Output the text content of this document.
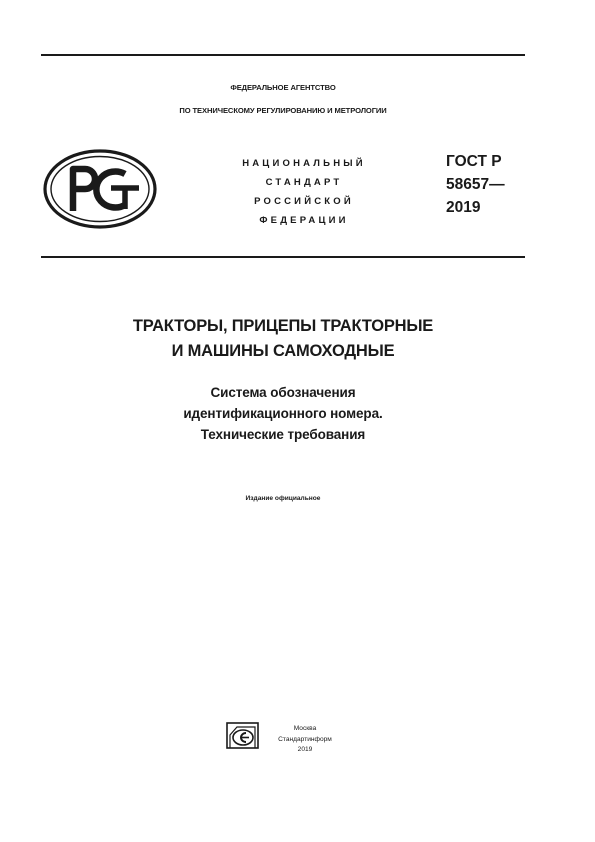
ФЕДЕРАЛЬНОЕ АГЕНТСТВО
ПО ТЕХНИЧЕСКОМУ РЕГУЛИРОВАНИЮ И МЕТРОЛОГИИ
НАЦИОНАЛЬНЫЙ
СТАНДАРТ
РОССИЙСКОЙ
ФЕДЕРАЦИИ
ГОСТ Р
58657—
2019
ТРАКТОРЫ, ПРИЦЕПЫ ТРАКТОРНЫЕ
И МАШИНЫ САМОХОДНЫЕ
Система обозначения
идентификационного номера.
Технические требования
Издание официальное
Москва
Стандартинформ
2019
